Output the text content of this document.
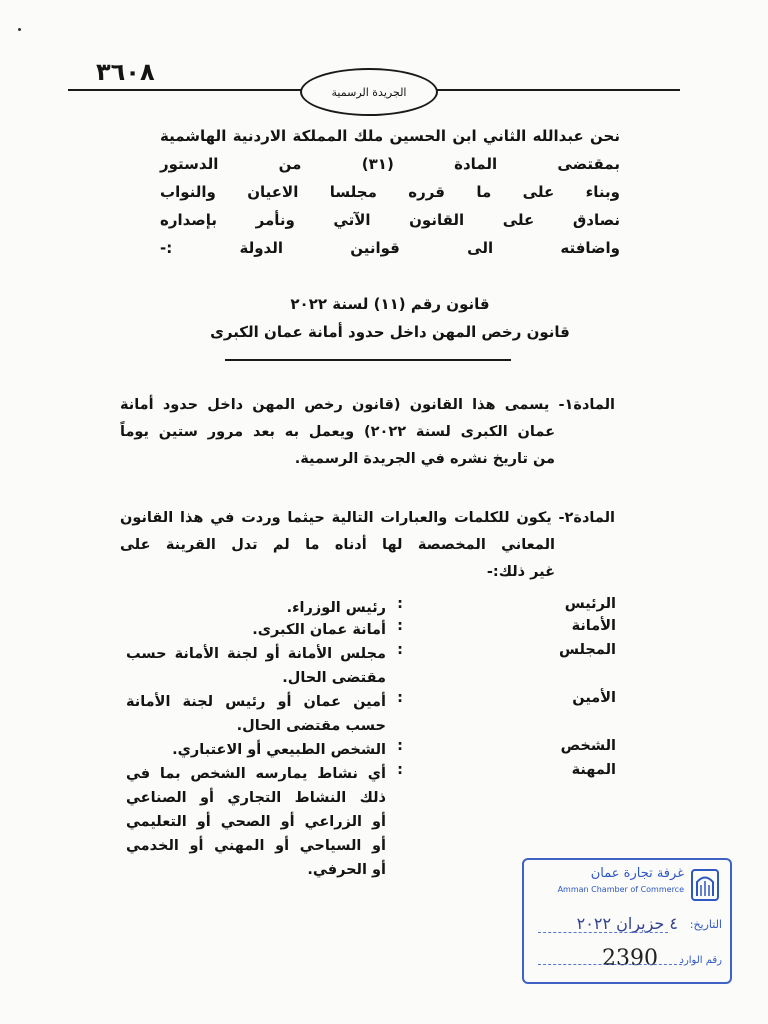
٣٦٠٨
الجريدة الرسمية
نحن عبدالله الثاني ابن الحسين ملك المملكة الاردنية الهاشمية
بمقتضى المادة (٣١) من الدستور
وبناء على ما قرره مجلسا الاعيان والنواب
نصادق على القانون الآتي ونأمر بإصداره
واضافته الى قوانين الدولة :-
قانون رقم (١١) لسنة ٢٠٢٢
قانون رخص المهن داخل حدود أمانة عمان الكبرى
المادة١- يسمى هذا القانون (قانون رخص المهن داخل حدود أمانة
عمان الكبرى لسنة ٢٠٢٢) ويعمل به بعد مرور ستين يوماً
من تاريخ نشره في الجريدة الرسمية.
المادة٢- يكون للكلمات والعبارات التالية حيثما وردت في هذا القانون
المعاني المخصصة لها أدناه ما لم تدل القرينة على
غير ذلك:-
الرئيس
:
رئيس الوزراء.
الأمانة
:
أمانة عمان الكبرى.
المجلس
:
مجلس الأمانة أو لجنة الأمانة حسب
مقتضى الحال.
الأمين
:
أمين عمان أو رئيس لجنة الأمانة
حسب مقتضى الحال.
الشخص
:
الشخص الطبيعي أو الاعتباري.
المهنة
:
أي نشاط يمارسه الشخص بما في
ذلك النشاط التجاري أو الصناعي
أو الزراعي أو الصحي أو التعليمي
أو السياحي أو المهني أو الخدمي
أو الحرفي.	غرفة تجارة عمان
Amman Chamber of Commerce
التاريخ:
٤ حزيران ٢٠٢٢
رقم الوارد
2390
